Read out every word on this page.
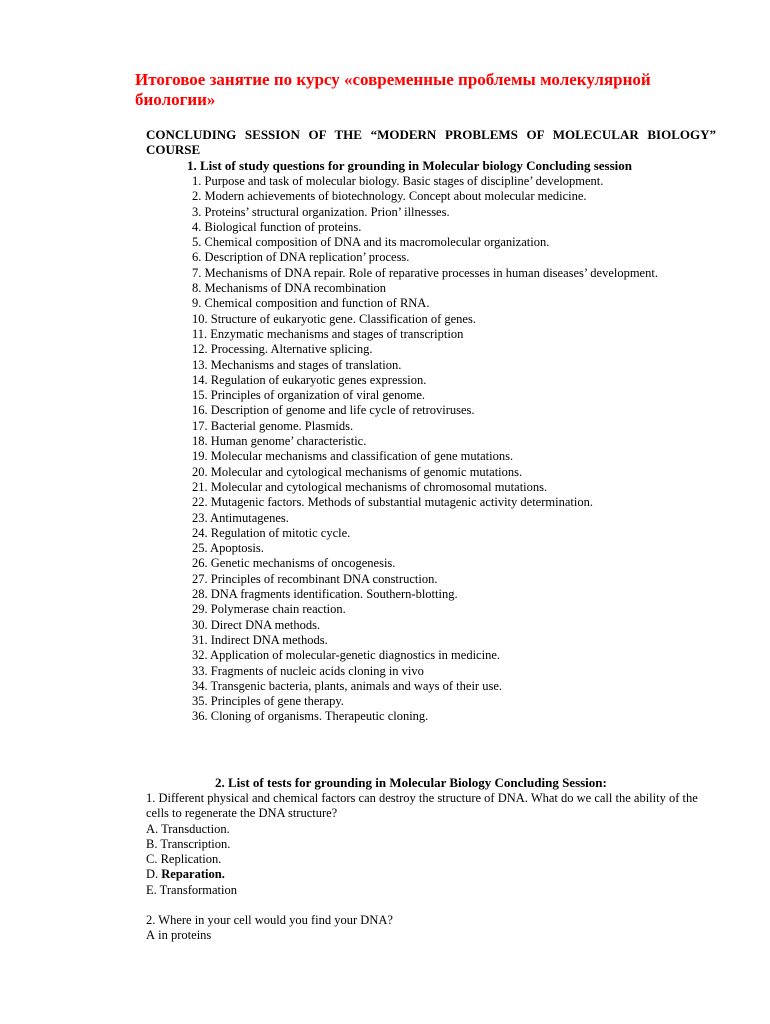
Итоговое занятие по курсу «современные проблемы молекулярной биологии»
CONCLUDING SESSION OF THE “MODERN PROBLEMS OF MOLECULAR BIOLOGY” COURSE
1. List of study questions for grounding in Molecular biology Concluding session
1. Purpose and task of molecular biology. Basic stages of discipline’ development.
2. Modern achievements of biotechnology. Concept about molecular medicine.
3. Proteins’ structural organization. Prion’ illnesses.
4. Biological function of proteins.
5. Chemical composition of DNA and its macromolecular organization.
6. Description of DNA replication’ process.
7. Mechanisms of DNA repair. Role of reparative processes in human diseases’ development.
8. Mechanisms of DNA recombination
9. Chemical composition and function of RNA.
10. Structure of eukaryotic gene. Classification of genes.
11. Enzymatic mechanisms and stages of transcription
12. Processing. Alternative splicing.
13. Mechanisms and stages of translation.
14. Regulation of eukaryotic genes expression.
15. Principles of organization of viral genome.
16. Description of genome and life cycle of retroviruses.
17. Bacterial genome. Plasmids.
18. Human genome’ characteristic.
19. Molecular mechanisms and classification of gene mutations.
20. Molecular and cytological mechanisms of genomic mutations.
21. Molecular and cytological mechanisms of chromosomal mutations.
22. Mutagenic factors. Methods of substantial mutagenic activity determination.
23. Antimutagenes.
24. Regulation of mitotic cycle.
25. Apoptosis.
26. Genetic mechanisms of oncogenesis.
27. Principles of recombinant DNA construction.
28. DNA fragments identification. Southern-blotting.
29. Polymerase chain reaction.
30. Direct DNA methods.
31. Indirect DNA methods.
32. Application of molecular-genetic diagnostics in medicine.
33. Fragments of nucleic acids cloning in vivo
34. Transgenic bacteria, plants, animals and ways of their use.
35. Principles of gene therapy.
36. Cloning of organisms. Therapeutic cloning.
2. List of tests for grounding in Molecular Biology Concluding Session:
1. Different physical and chemical factors can destroy the structure of DNA. What do we call the ability of the cells to regenerate the DNA structure?
A. Transduction.
B. Transcription.
C. Replication.
D. Reparation.
E. Transformation
2. Where in your cell would you find your DNA?
A in proteins
